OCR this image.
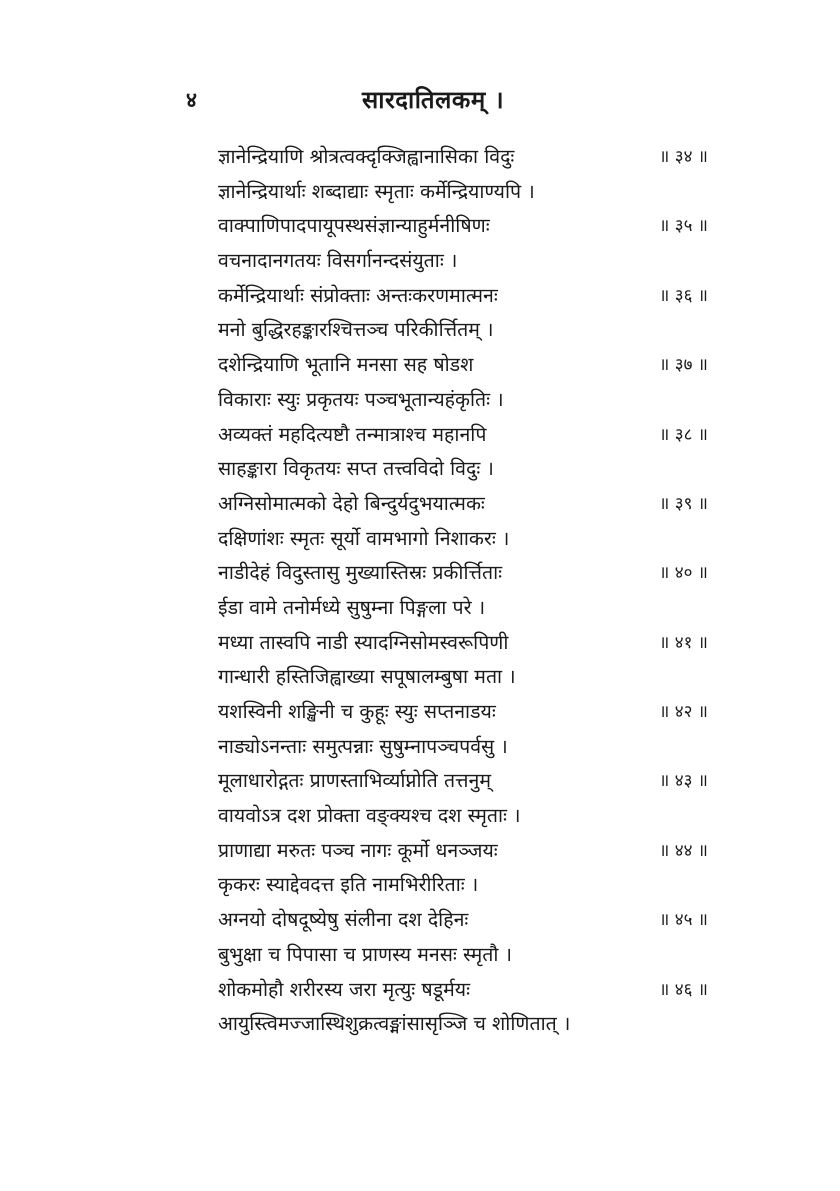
४	सारदातिलकम् ।
ज्ञानेन्द्रियाणि श्रोत्रत्वक्दृक्जिह्वानासिका विदुः	॥ ३४ ॥
ज्ञानेन्द्रियार्थाः शब्दाद्याः स्मृताः कर्मेन्द्रियाण्यपि ।
वाक्पाणिपादपायूपस्थसंज्ञान्याहुर्मनीषिणः	॥ ३५ ॥
वचनादानगतयः विसर्गानन्दसंयुताः ।
कर्मेन्द्रियार्थाः संप्रोक्ताः अन्तःकरणमात्मनः	॥ ३६ ॥
मनो बुद्धिरहङ्कारश्चित्तञ्च परिकीर्त्तितम् ।
दशेन्द्रियाणि भूतानि मनसा सह षोडश	॥ ३७ ॥
विकाराः स्युः प्रकृतयः पञ्चभूतान्यहंकृतिः ।
अव्यक्तं महदित्यष्टौ तन्मात्राश्च महानपि	॥ ३८ ॥
साहङ्कारा विकृतयः सप्त तत्त्वविदो विदुः ।
अग्निसोमात्मको देहो बिन्दुर्यदुभयात्मकः	॥ ३९ ॥
दक्षिणांशः स्मृतः सूर्यो वामभागो निशाकरः ।
नाडीदेहं विदुस्तासु मुख्यास्तिस्रः प्रकीर्त्तिताः	॥ ४० ॥
ईडा वामे तनोर्मध्ये सुषुम्ना पिङ्गला परे ।
मध्या तास्वपि नाडी स्यादग्निसोमस्वरूपिणी	॥ ४१ ॥
गान्धारी हस्तिजिह्वाख्या सपूषालम्बुषा मता ।
यशस्विनी शङ्खिनी च कुहूः स्युः सप्तनाडयः	॥ ४२ ॥
नाड्योऽनन्ताः समुत्पन्नाः सुषुम्नापञ्चपर्वसु ।
मूलाधारोद्गतः प्राणस्ताभिर्व्याप्नोति तत्तनुम्	॥ ४३ ॥
वायवोऽत्र दश प्रोक्ता वङ्क्यश्च दश स्मृताः ।
प्राणाद्या मरुतः पञ्च नागः कूर्मो धनञ्जयः	॥ ४४ ॥
कृकरः स्याद्देवदत्त इति नामभिरीरिताः ।
अग्नयो दोषदूष्येषु संलीना दश देहिनः	॥ ४५ ॥
बुभुक्षा च पिपासा च प्राणस्य मनसः स्मृतौ ।
शोकमोहौ शरीरस्य जरा मृत्युः षडूर्मयः	॥ ४६ ॥
आयुस्त्विमज्जास्थिशुक्रत्वङ्मांसासृञ्जि च शोणितात् ।
